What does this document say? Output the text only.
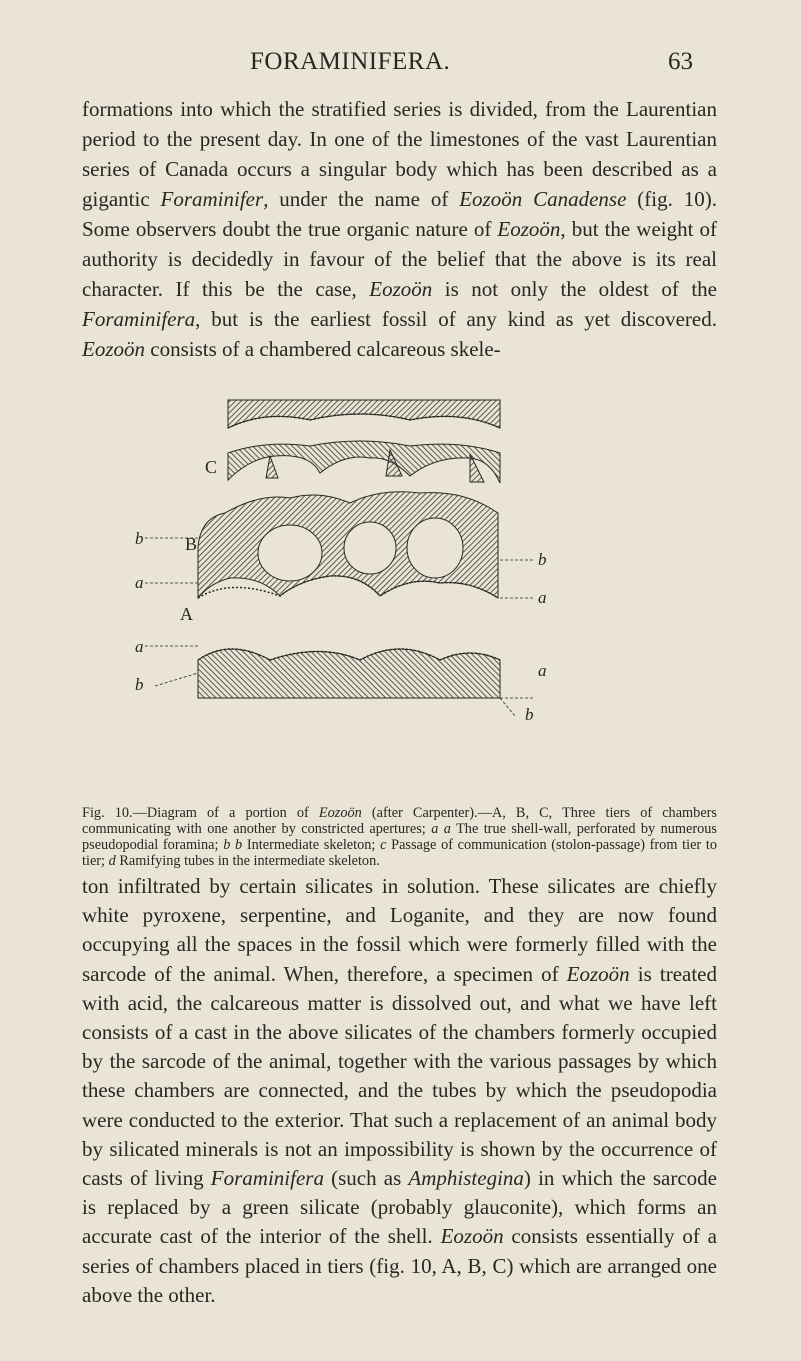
FORAMINIFERA.	63

formations into which the stratified series is divided, from the Laurentian period to the present day. In one of the limestones of the vast Laurentian series of Canada occurs a singular body which has been described as a gigantic Foraminifer, under the name of Eozoön Canadense (fig. 10). Some observers doubt the true organic nature of Eozoön, but the weight of authority is decidedly in favour of the belief that the above is its real character. If this be the case, Eozoön is not only the oldest of the Foraminifera, but is the earliest fossil of any kind as yet discovered. Eozoön consists of a chambered calcareous skele-

C
B
A
b
a
a
b
b
a
a
b

Fig. 10.—Diagram of a portion of Eozoön (after Carpenter).—A, B, C, Three tiers of chambers communicating with one another by constricted apertures; a a The true shell-wall, perforated by numerous pseudopodial foramina; b b Intermediate skeleton; c Passage of communication (stolon-passage) from tier to tier; d Ramifying tubes in the intermediate skeleton.

ton infiltrated by certain silicates in solution. These silicates are chiefly white pyroxene, serpentine, and Loganite, and they are now found occupying all the spaces in the fossil which were formerly filled with the sarcode of the animal. When, therefore, a specimen of Eozoön is treated with acid, the calcareous matter is dissolved out, and what we have left consists of a cast in the above silicates of the chambers formerly occupied by the sarcode of the animal, together with the various passages by which these chambers are connected, and the tubes by which the pseudopodia were conducted to the exterior. That such a replacement of an animal body by silicated minerals is not an impossibility is shown by the occurrence of casts of living Foraminifera (such as Amphistegina) in which the sarcode is replaced by a green silicate (probably glauconite), which forms an accurate cast of the interior of the shell. Eozoön consists essentially of a series of chambers placed in tiers (fig. 10, A, B, C) which are arranged one above the other.
